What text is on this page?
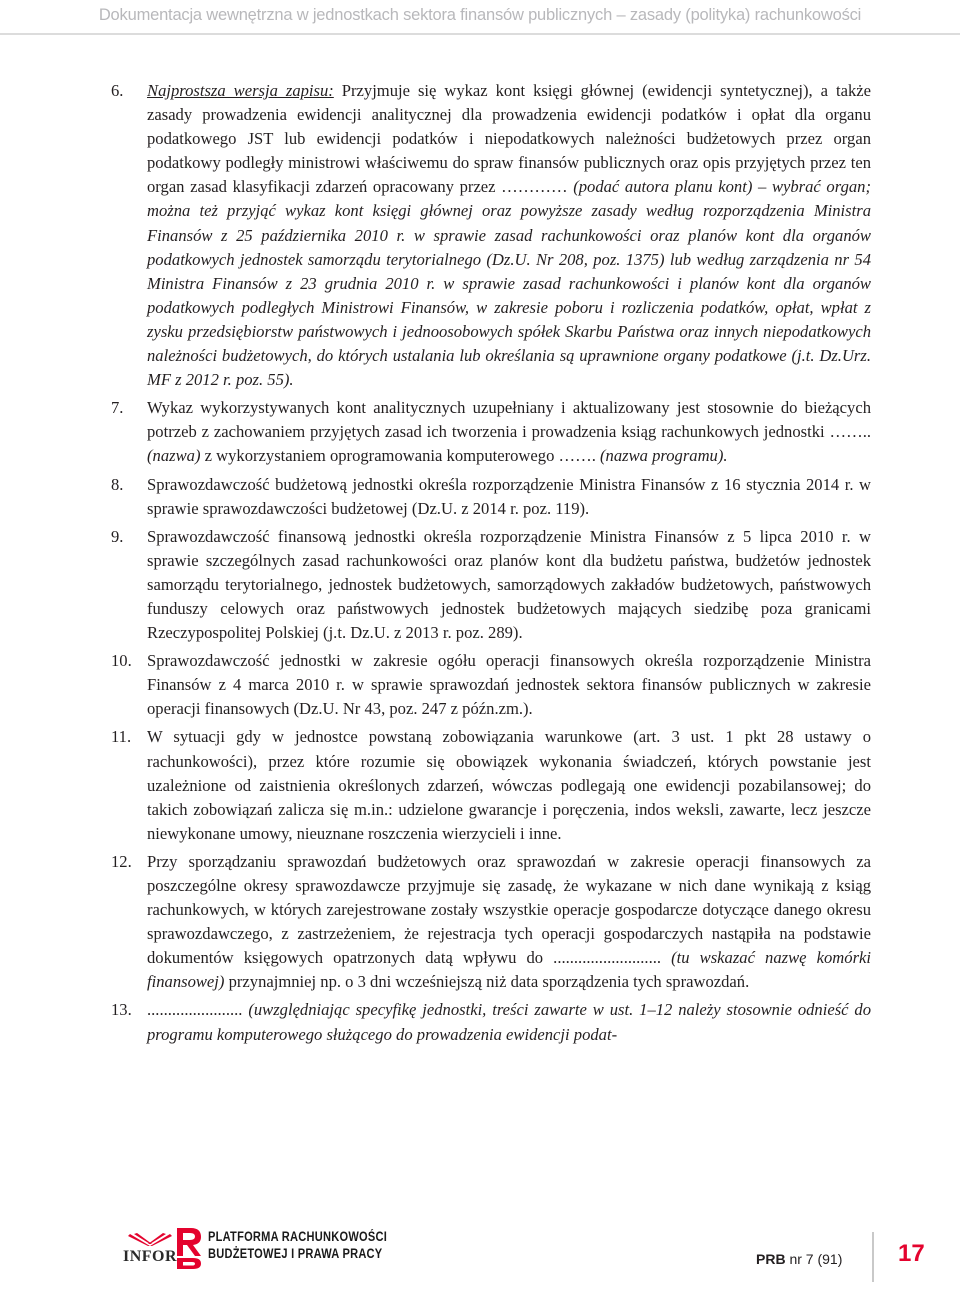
Dokumentacja wewnętrzna w jednostkach sektora finansów publicznych – zasady (polityka) rachunkowości
6.	Najprostsza wersja zapisu: Przyjmuje się wykaz kont księgi głównej (ewidencji syntetycznej), a także zasady prowadzenia ewidencji analitycznej dla prowadzenia ewidencji podatków i opłat dla organu podatkowego JST lub ewidencji podatków i niepodatkowych należności budżetowych przez organ podatkowy podległy ministrowi właściwemu do spraw finansów publicznych oraz opis przyjętych przez ten organ zasad klasyfikacji zdarzeń opracowany przez ………… (podać autora planu kont) – wybrać organ; można też przyjąć wykaz kont księgi głównej oraz powyższe zasady według rozporządzenia Ministra Finansów z 25 października 2010 r. w sprawie zasad rachunkowości oraz planów kont dla organów podatkowych jednostek samorządu terytorialnego (Dz.U. Nr 208, poz. 1375) lub według zarządzenia nr 54 Ministra Finansów z 23 grudnia 2010 r. w sprawie zasad rachunkowości i planów kont dla organów podatkowych podległych Ministrowi Finansów, w zakresie poboru i rozliczenia podatków, opłat, wpłat z zysku przedsiębiorstw państwowych i jednoosobowych spółek Skarbu Państwa oraz innych niepodatkowych należności budżetowych, do których ustalania lub określania są uprawnione organy podatkowe (j.t. Dz.Urz. MF z 2012 r. poz. 55).
7.	Wykaz wykorzystywanych kont analitycznych uzupełniany i aktualizowany jest stosownie do bieżących potrzeb z zachowaniem przyjętych zasad ich tworzenia i prowadzenia ksiąg rachunkowych jednostki …….. (nazwa) z wykorzystaniem oprogramowania komputerowego ……. (nazwa programu).
8.	Sprawozdawczość budżetową jednostki określa rozporządzenie Ministra Finansów z 16 stycznia 2014 r. w sprawie sprawozdawczości budżetowej (Dz.U. z 2014 r. poz. 119).
9.	Sprawozdawczość finansową jednostki określa rozporządzenie Ministra Finansów z 5 lipca 2010 r. w sprawie szczególnych zasad rachunkowości oraz planów kont dla budżetu państwa, budżetów jednostek samorządu terytorialnego, jednostek budżetowych, samorządowych zakładów budżetowych, państwowych funduszy celowych oraz państwowych jednostek budżetowych mających siedzibę poza granicami Rzeczypospolitej Polskiej (j.t. Dz.U. z 2013 r. poz. 289).
10. Sprawozdawczość jednostki w zakresie ogółu operacji finansowych określa rozporządzenie Ministra Finansów z 4 marca 2010 r. w sprawie sprawozdań jednostek sektora finansów publicznych w zakresie operacji finansowych (Dz.U. Nr 43, poz. 247 z późn.zm.).
11. W sytuacji gdy w jednostce powstaną zobowiązania warunkowe (art. 3 ust. 1 pkt 28 ustawy o rachunkowości), przez które rozumie się obowiązek wykonania świadczeń, których powstanie jest uzależnione od zaistnienia określonych zdarzeń, wówczas podlegają one ewidencji pozabilansowej; do takich zobowiązań zalicza się m.in.: udzielone gwarancje i poręczenia, indos weksli, zawarte, lecz jeszcze niewykonane umowy, nieuznane roszczenia wierzycieli i inne.
12. Przy sporządzaniu sprawozdań budżetowych oraz sprawozdań w zakresie operacji finansowych za poszczególne okresy sprawozdawcze przyjmuje się zasadę, że wykazane w nich dane wynikają z ksiąg rachunkowych, w których zarejestrowane zostały wszystkie operacje gospodarcze dotyczące danego okresu sprawozdawczego, z zastrzeżeniem, że rejestracja tych operacji gospodarczych nastąpiła na podstawie dokumentów księgowych opatrzonych datą wpływu do .......................... (tu wskazać nazwę komórki finansowej) przynajmniej np. o 3 dni wcześniejszą niż data sporządzenia tych sprawozdań.
13. ....................... (uwzględniając specyfikę jednostki, treści zawarte w ust. 1–12 należy stosownie odnieść do programu komputerowego służącego do prowadzenia ewidencji podat-
INFOR
PLATFORMA RACHUNKOWOŚCI
BUDŻETOWEJ I PRAWA PRACY	PRB nr 7 (91) 17
